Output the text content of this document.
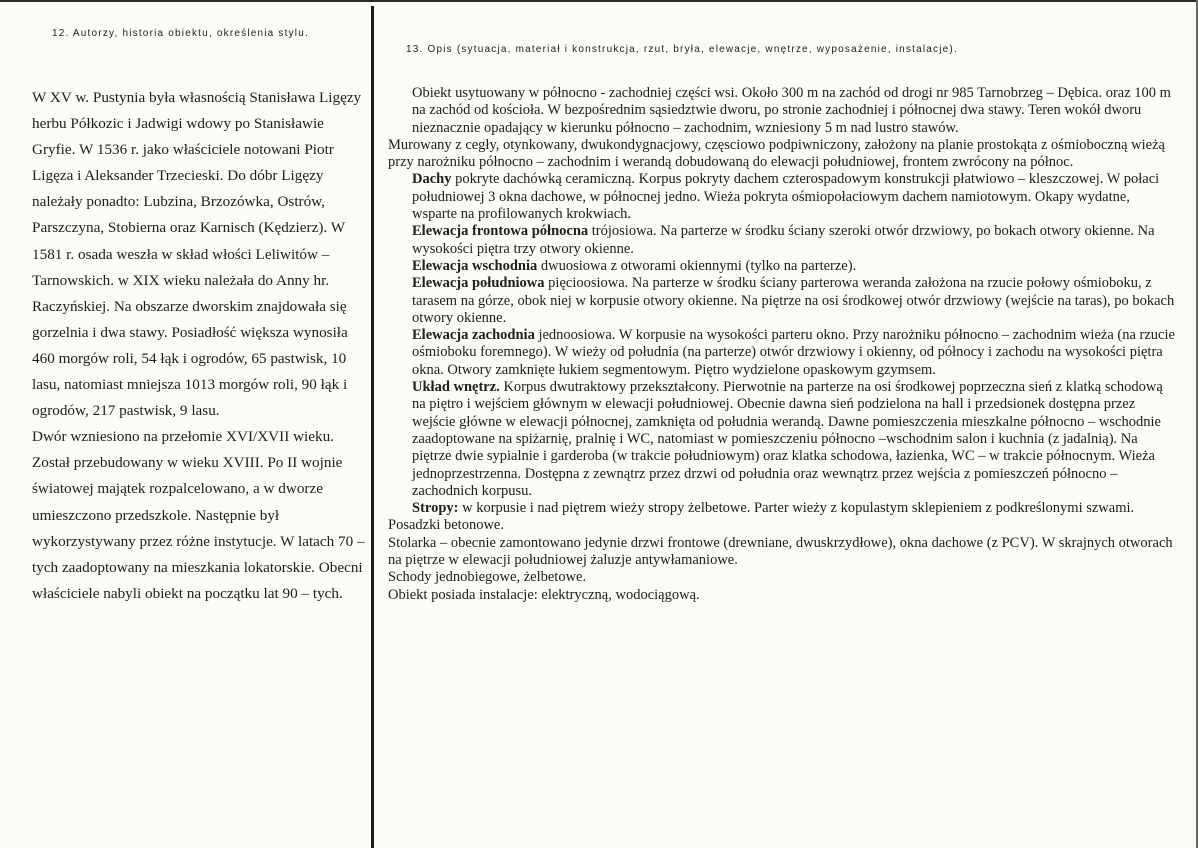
12. Autorzy, historia obiektu, określenia stylu.

W XV w. Pustynia była własnością Stanisława Ligęzy herbu Półkozic i Jadwigi wdowy po Stanisławie Gryfie. W 1536 r. jako właściciele notowani Piotr Ligęza i Aleksander Trzecieski. Do dóbr Ligęzy należały ponadto: Lubzina, Brzozówka, Ostrów, Parszczyna, Stobierna oraz Karnisch (Kędzierz). W 1581 r. osada weszła w skład włości Leliwitów – Tarnowskich. w XIX wieku należała do Anny hr. Raczyńskiej. Na obszarze dworskim znajdowała się gorzelnia i dwa stawy. Posiadłość większa wynosiła 460 morgów roli, 54 łąk i ogrodów, 65 pastwisk, 10 lasu, natomiast mniejsza 1013 morgów roli, 90 łąk i ogrodów, 217 pastwisk, 9 lasu.

Dwór wzniesiono na przełomie XVI/XVII wieku. Został przebudowany w wieku XVIII. Po II wojnie światowej majątek rozpalcelowano, a w dworze umieszczono przedszkole. Następnie był wykorzystywany przez różne instytucje. W latach 70 – tych zaadoptowany na mieszkania lokatorskie. Obecni właściciele nabyli obiekt na początku lat 90 – tych.

13. Opis (sytuacja, materiał i konstrukcja, rzut, bryła, elewacje, wnętrze, wyposażenie, instalacje).

Obiekt usytuowany w północno - zachodniej części wsi. Około 300 m na zachód od drogi nr 985 Tarnobrzeg – Dębica. oraz 100 m na zachód od kościoła. W bezpośrednim sąsiedztwie dworu, po stronie zachodniej i północnej dwa stawy. Teren wokół dworu nieznacznie opadający w kierunku północno – zachodnim, wzniesiony 5 m nad lustro stawów.

Murowany z cegły, otynkowany, dwukondygnacjowy, częsciowo podpiwniczony, założony na planie prostokąta z ośmioboczną wieżą przy narożniku północno – zachodnim i werandą dobudowaną do elewacji południowej, frontem zwrócony na północ.

Dachy pokryte dachówką ceramiczną. Korpus pokryty dachem czterospadowym konstrukcji płatwiowo – kleszczowej. W połaci południowej 3 okna dachowe, w północnej jedno. Wieża pokryta ośmiopołaciowym dachem namiotowym. Okapy wydatne, wsparte na profilowanych krokwiach.

Elewacja frontowa północna trójosiowa. Na parterze w środku ściany szeroki otwór drzwiowy, po bokach otwory okienne. Na wysokości piętra trzy otwory okienne.

Elewacja wschodnia dwuosiowa z otworami okiennymi (tylko na parterze).

Elewacja południowa pięcioosiowa. Na parterze w środku ściany parterowa weranda założona na rzucie połowy ośmioboku, z tarasem na górze, obok niej w korpusie otwory okienne. Na piętrze na osi środkowej otwór drzwiowy (wejście na taras), po bokach otwory okienne.

Elewacja zachodnia jednoosiowa. W korpusie na wysokości parteru okno. Przy narożniku północno – zachodnim wieża (na rzucie ośmioboku foremnego). W wieży od południa (na parterze) otwór drzwiowy i okienny, od północy i zachodu na wysokości piętra okna. Otwory zamknięte łukiem segmentowym. Piętro wydzielone opaskowym gzymsem.

Układ wnętrz. Korpus dwutraktowy przekształcony. Pierwotnie na parterze na osi środkowej poprzeczna sień z klatką schodową na piętro i wejściem głównym w elewacji południowej. Obecnie dawna sień podzielona na hall i przedsionek dostępna przez wejście główne w elewacji północnej, zamknięta od południa werandą. Dawne pomieszczenia mieszkalne północno – wschodnie zaadoptowane na spiżarnię, pralnię i WC, natomiast w pomieszczeniu północno –wschodnim salon i kuchnia (z jadalnią). Na piętrze dwie sypialnie i garderoba (w trakcie południowym) oraz klatka schodowa, łazienka, WC – w trakcie północnym. Wieża jednoprzestrzenna. Dostępna z zewnątrz przez drzwi od południa oraz wewnątrz przez wejścia z pomieszczeń północno – zachodnich korpusu.

Stropy: w korpusie i nad piętrem wieży stropy żelbetowe. Parter wieży z kopulastym sklepieniem z podkreślonymi szwami.

Posadzki betonowe.

Stolarka – obecnie zamontowano jedynie drzwi frontowe (drewniane, dwuskrzydłowe), okna dachowe (z PCV). W skrajnych otworach na piętrze w elewacji południowej żaluzje antywłamaniowe.

Schody jednobiegowe, żelbetowe.

Obiekt posiada instalacje: elektryczną, wodociągową.
